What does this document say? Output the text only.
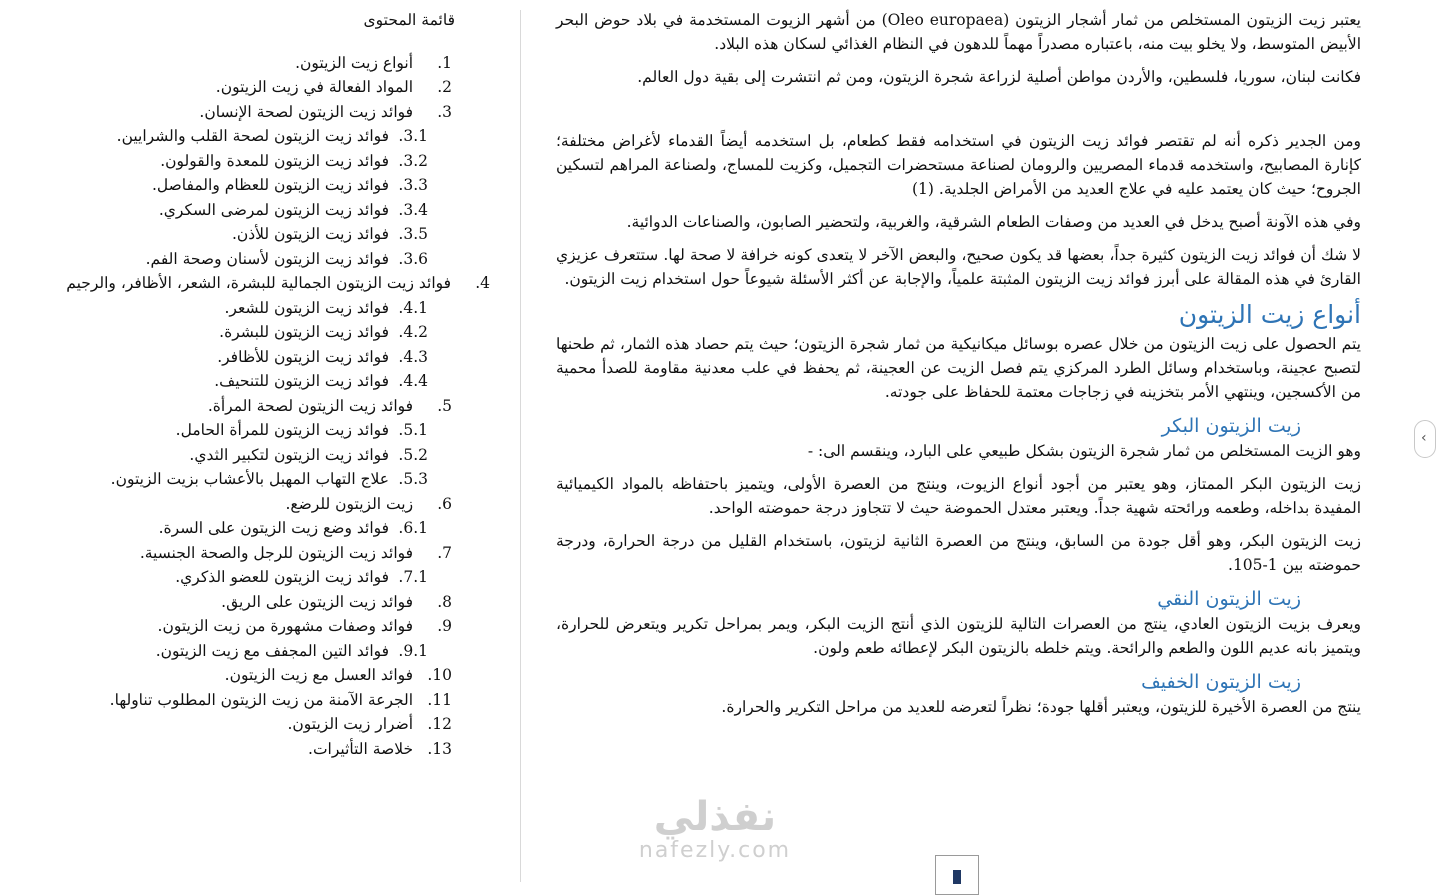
يعتبر زيت الزيتون المستخلص من ثمار أشجار الزيتون (Oleo europaea) من أشهر الزيوت المستخدمة في بلاد حوض البحر الأبيض المتوسط، ولا يخلو بيت منه، باعتباره مصدراً مهماً للدهون في النظام الغذائي لسكان هذه البلاد.

فكانت لبنان، سوريا، فلسطين، والأردن مواطن أصلية لزراعة شجرة الزيتون، ومن ثم انتشرت إلى بقية دول العالم.

ومن الجدير ذكره أنه لم تقتصر فوائد زيت الزيتون في استخدامه فقط كطعام، بل استخدمه أيضاً القدماء لأغراض مختلفة؛ كإنارة المصابيح، واستخدمه قدماء المصريين والرومان لصناعة مستحضرات التجميل، وكزيت للمساج، ولصناعة المراهم لتسكين الجروح؛ حيث كان يعتمد عليه في علاج العديد من الأمراض الجلدية. (1)

وفي هذه الآونة أصبح يدخل في العديد من وصفات الطعام الشرقية، والغربية، ولتحضير الصابون، والصناعات الدوائية.

لا شك أن فوائد زيت الزيتون كثيرة جداً، بعضها قد يكون صحيح، والبعض الآخر لا يتعدى كونه خرافة لا صحة لها. ستتعرف عزيزي القارئ في هذه المقالة على أبرز فوائد زيت الزيتون المثبتة علمياً، والإجابة عن أكثر الأسئلة شيوعاً حول استخدام زيت الزيتون.

أنواع زيت الزيتون

يتم الحصول على زيت الزيتون من خلال عصره بوسائل ميكانيكية من ثمار شجرة الزيتون؛ حيث يتم حصاد هذه الثمار، ثم طحنها لتصبح عجينة، وباستخدام وسائل الطرد المركزي يتم فصل الزيت عن العجينة، ثم يحفظ في علب معدنية مقاومة للصدأ محمية من الأكسجين، وينتهي الأمر بتخزينه في زجاجات معتمة للحفاظ على جودته.

زيت الزيتون البكر

وهو الزيت المستخلص من ثمار شجرة الزيتون بشكل طبيعي على البارد، وينقسم الى: -

زيت الزيتون البكر الممتاز، وهو يعتبر من أجود أنواع الزيوت، وينتج من العصرة الأولى، ويتميز باحتفاظه بالمواد الكيميائية المفيدة بداخله، وطعمه ورائحته شهية جداً. ويعتبر معتدل الحموضة حيث لا تتجاوز درجة حموضته الواحد.

زيت الزيتون البكر، وهو أقل جودة من السابق، وينتج من العصرة الثانية لزيتون، باستخدام القليل من درجة الحرارة، ودرجة حموضته بين 1-105.

زيت الزيتون النقي

ويعرف بزيت الزيتون العادي، ينتج من العصرات التالية للزيتون الذي أنتج الزيت البكر، ويمر بمراحل تكرير ويتعرض للحرارة، ويتميز بانه عديم اللون والطعم والرائحة. ويتم خلطه بالزيتون البكر لإعطائه طعم ولون.

زيت الزيتون الخفيف

ينتج من العصرة الأخيرة للزيتون، ويعتبر أقلها جودة؛ نظراً لتعرضه للعديد من مراحل التكرير والحرارة.

قائمة المحتوى
1. أنواع زيت الزيتون.
2. المواد الفعالة في زيت الزيتون.
3. فوائد زيت الزيتون لصحة الإنسان.
3.1. فوائد زيت الزيتون لصحة القلب والشرايين.
3.2. فوائد زيت الزيتون للمعدة والقولون.
3.3. فوائد زيت الزيتون للعظام والمفاصل.
3.4. فوائد زيت الزيتون لمرضى السكري.
3.5. فوائد زيت الزيتون للأذن.
3.6. فوائد زيت الزيتون لأسنان وصحة الفم.
4. فوائد زيت الزيتون الجمالية للبشرة، الشعر، الأظافر، والرجيم
4.1. فوائد زيت الزيتون للشعر.
4.2. فوائد زيت الزيتون للبشرة.
4.3. فوائد زيت الزيتون للأظافر.
4.4. فوائد زيت الزيتون للتنحيف.
5. فوائد زيت الزيتون لصحة المرأة.
5.1. فوائد زيت الزيتون للمرأة الحامل.
5.2. فوائد زيت الزيتون لتكبير الثدي.
5.3. علاج التهاب المهبل بالأعشاب بزيت الزيتون.
6. زيت الزيتون للرضع.
6.1. فوائد وضع زيت الزيتون على السرة.
7. فوائد زيت الزيتون للرجل والصحة الجنسية.
7.1. فوائد زيت الزيتون للعضو الذكري.
8. فوائد زيت الزيتون على الريق.
9. فوائد وصفات مشهورة من زيت الزيتون.
9.1. فوائد التين المجفف مع زيت الزيتون.
10. فوائد العسل مع زيت الزيتون.
11. الجرعة الآمنة من زيت الزيتون المطلوب تناولها.
12. أضرار زيت الزيتون.
13. خلاصة التأثيرات.
نفذلي
nafezly.com
‹
